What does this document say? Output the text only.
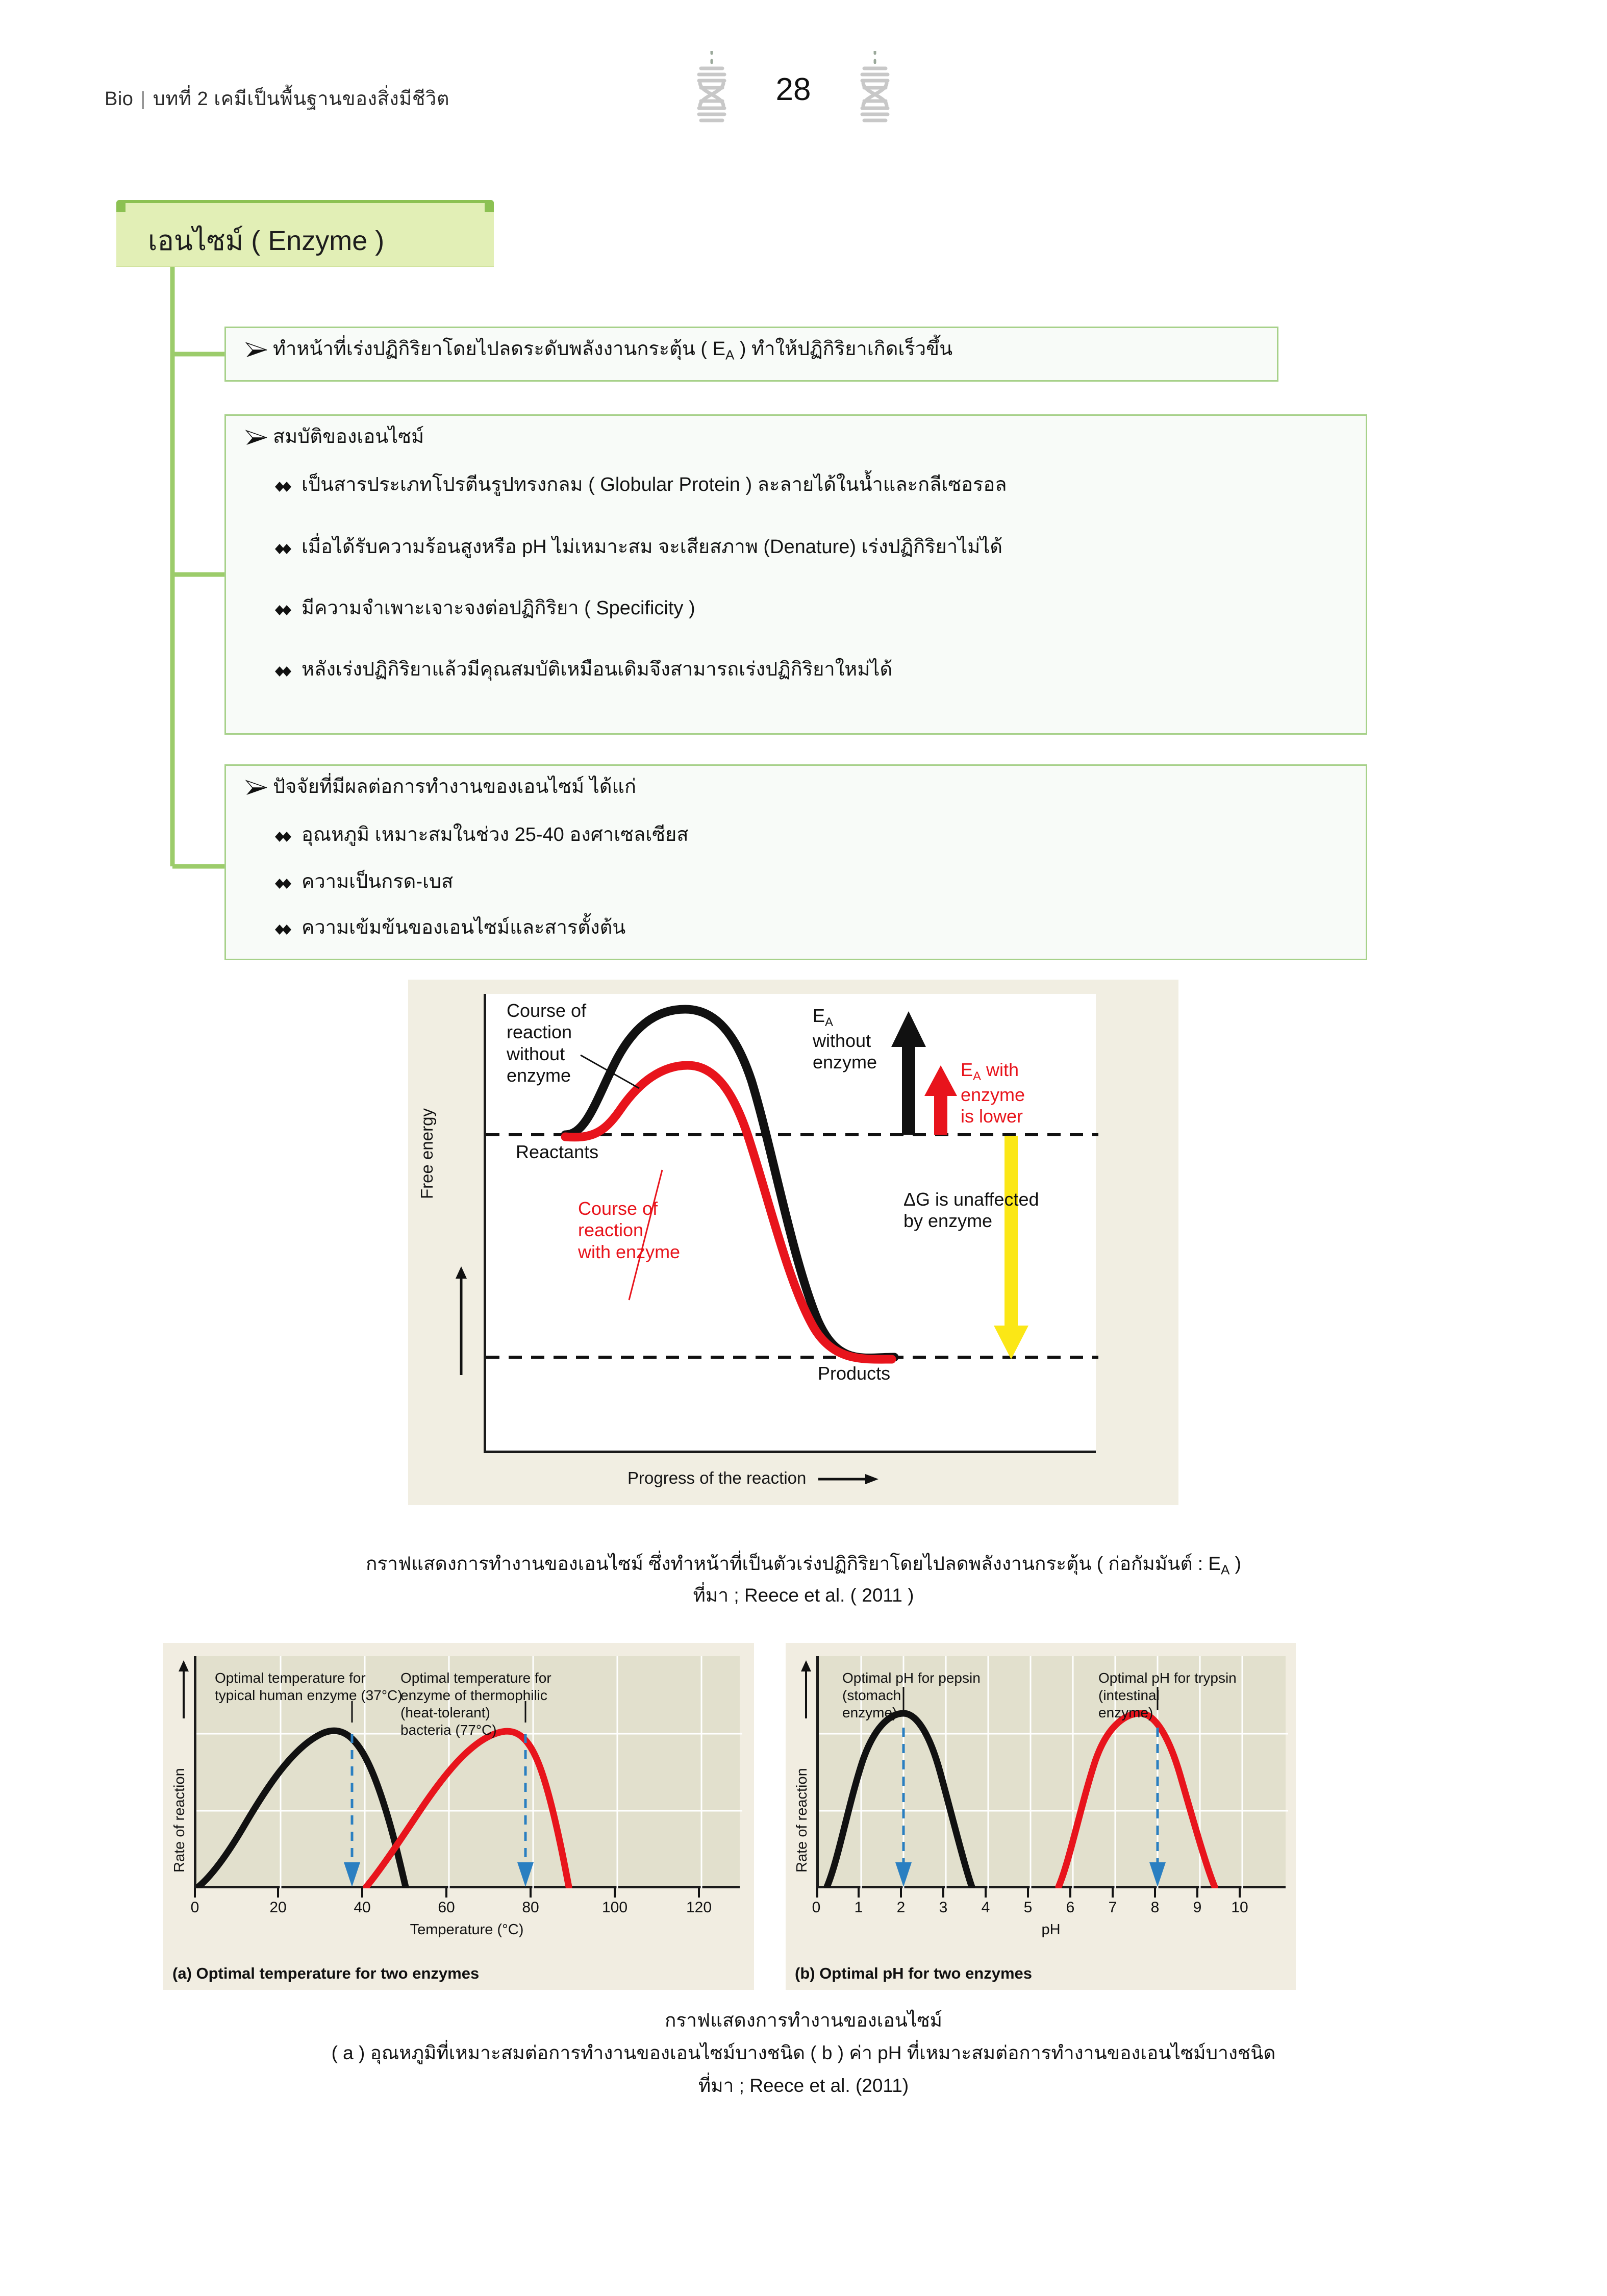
Bio | บทที่ 2 เคมีเป็นพื้นฐานของสิ่งมีชีวิต	28
เอนไซม์ ( Enzyme )
ทำหน้าที่เร่งปฏิกิริยาโดยไปลดระดับพลังงานกระตุ้น ( $E_A$ ) ทำให้ปฏิกิริยาเกิดเร็วขึ้น
สมบัติของเอนไซม์
เป็นสารประเภทโปรตีนรูปทรงกลม ( Globular Protein ) ละลายได้ในน้ำและกลีเซอรอล
เมื่อได้รับความร้อนสูงหรือ pH ไม่เหมาะสม จะเสียสภาพ (Denature) เร่งปฏิกิริยาไม่ได้
มีความจำเพาะเจาะจงต่อปฏิกิริยา ( Specificity )
หลังเร่งปฏิกิริยาแล้วมีคุณสมบัติเหมือนเดิมจึงสามารถเร่งปฏิกิริยาใหม่ได้
ปัจจัยที่มีผลต่อการทำงานของเอนไซม์ ได้แก่
อุณหภูมิ เหมาะสมในช่วง 25-40 องศาเซลเซียส
ความเป็นกรด-เบส
ความเข้มข้นของเอนไซม์และสารตั้งต้น
Free energy
Course of
reaction
without
enzyme
$E_A$
without
enzyme	$E_A$ with
enzyme
is lower
Reactants
Products
Course of
reaction
with enzyme
ΔG is unaffected
by enzyme
Progress of the reaction
กราฟแสดงการทำงานของเอนไซม์ ซึ่งทำหน้าที่เป็นตัวเร่งปฏิกิริยาโดยไปลดพลังงานกระตุ้น ( ก่อกัมมันต์ : $E_A$ )
ที่มา ; Reece et al. ( 2011 )
Rate of reaction
Optimal temperature for
typical human enzyme (37°C)
Optimal temperature for
enzyme of thermophilic
(heat-tolerant)
bacteria (77°C)
0	20	40	60	80	100	120
Temperature (°C)
(a) Optimal temperature for two enzymes
Rate of reaction
Optimal pH for pepsin
(stomach
enzyme)
Optimal pH for trypsin
(intestinal
enzyme)
0	1	2	3	4	5	6	7	8	9	10
pH
(b) Optimal pH for two enzymes
กราฟแสดงการทำงานของเอนไซม์
( a ) อุณหภูมิที่เหมาะสมต่อการทำงานของเอนไซม์บางชนิด ( b ) ค่า pH ที่เหมาะสมต่อการทำงานของเอนไซม์บางชนิด
ที่มา ; Reece et al. (2011)
